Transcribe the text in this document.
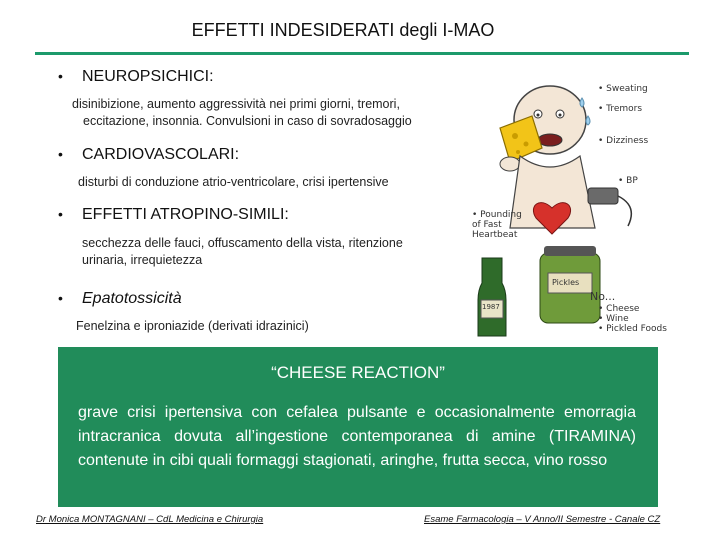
EFFETTI INDESIDERATI degli I-MAO
•	NEUROPSICHICI:
disinibizione, aumento aggressività nei primi giorni, tremori,
eccitazione, insonnia. Convulsioni in caso di sovradosaggio
•	CARDIOVASCOLARI:
disturbi di conduzione atrio-ventricolare, crisi ipertensive
•	EFFETTI ATROPINO-SIMILI:
secchezza delle fauci, offuscamento della vista, ritenzione
urinaria, irrequietezza
•	Epatotossicità
Fenelzina e iproniazide (derivati idrazinici)
• Sweating
• Tremors
• Dizziness
• BP
• Pounding of Fast Heartbeat
No...
• Cheese
• Wine
• Pickled Foods
Pickles
1987
“CHEESE REACTION”
grave crisi ipertensiva con cefalea pulsante e occasionalmente emorragia intracranica dovuta all’ingestione contemporanea di amine (TIRAMINA) contenute in cibi quali formaggi stagionati, aringhe, frutta secca, vino rosso
Dr Monica MONTAGNANI – CdL Medicina e Chirurgia	Esame Farmacologia – V Anno/II Semestre - Canale CZ
